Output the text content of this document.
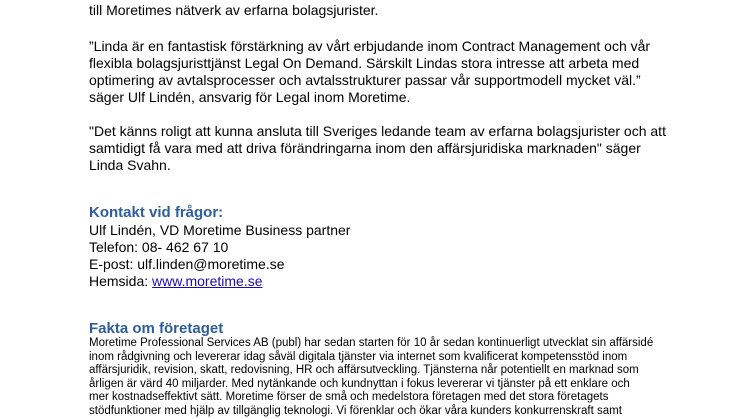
till Moretimes nätverk av erfarna bolagsjurister.
”Linda är en fantastisk förstärkning av vårt erbjudande inom Contract Management och vår
flexibla bolagsjuristtjänst Legal On Demand. Särskilt Lindas stora intresse att arbeta med
optimering av avtalsprocesser och avtalsstrukturer passar vår supportmodell mycket väl.”
säger Ulf Lindén, ansvarig för Legal inom Moretime.
"Det känns roligt att kunna ansluta till Sveriges ledande team av erfarna bolagsjurister och att
samtidigt få vara med att driva förändringarna inom den affärsjuridiska marknaden" säger
Linda Svahn.
Kontakt vid frågor:
Ulf Lindén, VD Moretime Business partner
Telefon: 08- 462 67 10
E-post: ulf.linden@moretime.se
Hemsida: www.moretime.se
Fakta om företaget
Moretime Professional Services AB (publ) har sedan starten för 10 år sedan kontinuerligt utvecklat sin affärsidé
inom rådgivning och levererar idag såväl digitala tjänster via internet som kvalificerat kompetensstöd inom
affärsjuridik, revision, skatt, redovisning, HR och affärsutveckling. Tjänsterna når potentiellt en marknad som
årligen är värd 40 miljarder. Med nytänkande och kundnyttan i fokus levererar vi tjänster på ett enklare och
mer kostnadseffektivt sätt. Moretime förser de små och medelstora företagen med det stora företagets
stödfunktioner med hjälp av tillgänglig teknologi. Vi förenklar och ökar våra kunders konkurrenskraft samt
